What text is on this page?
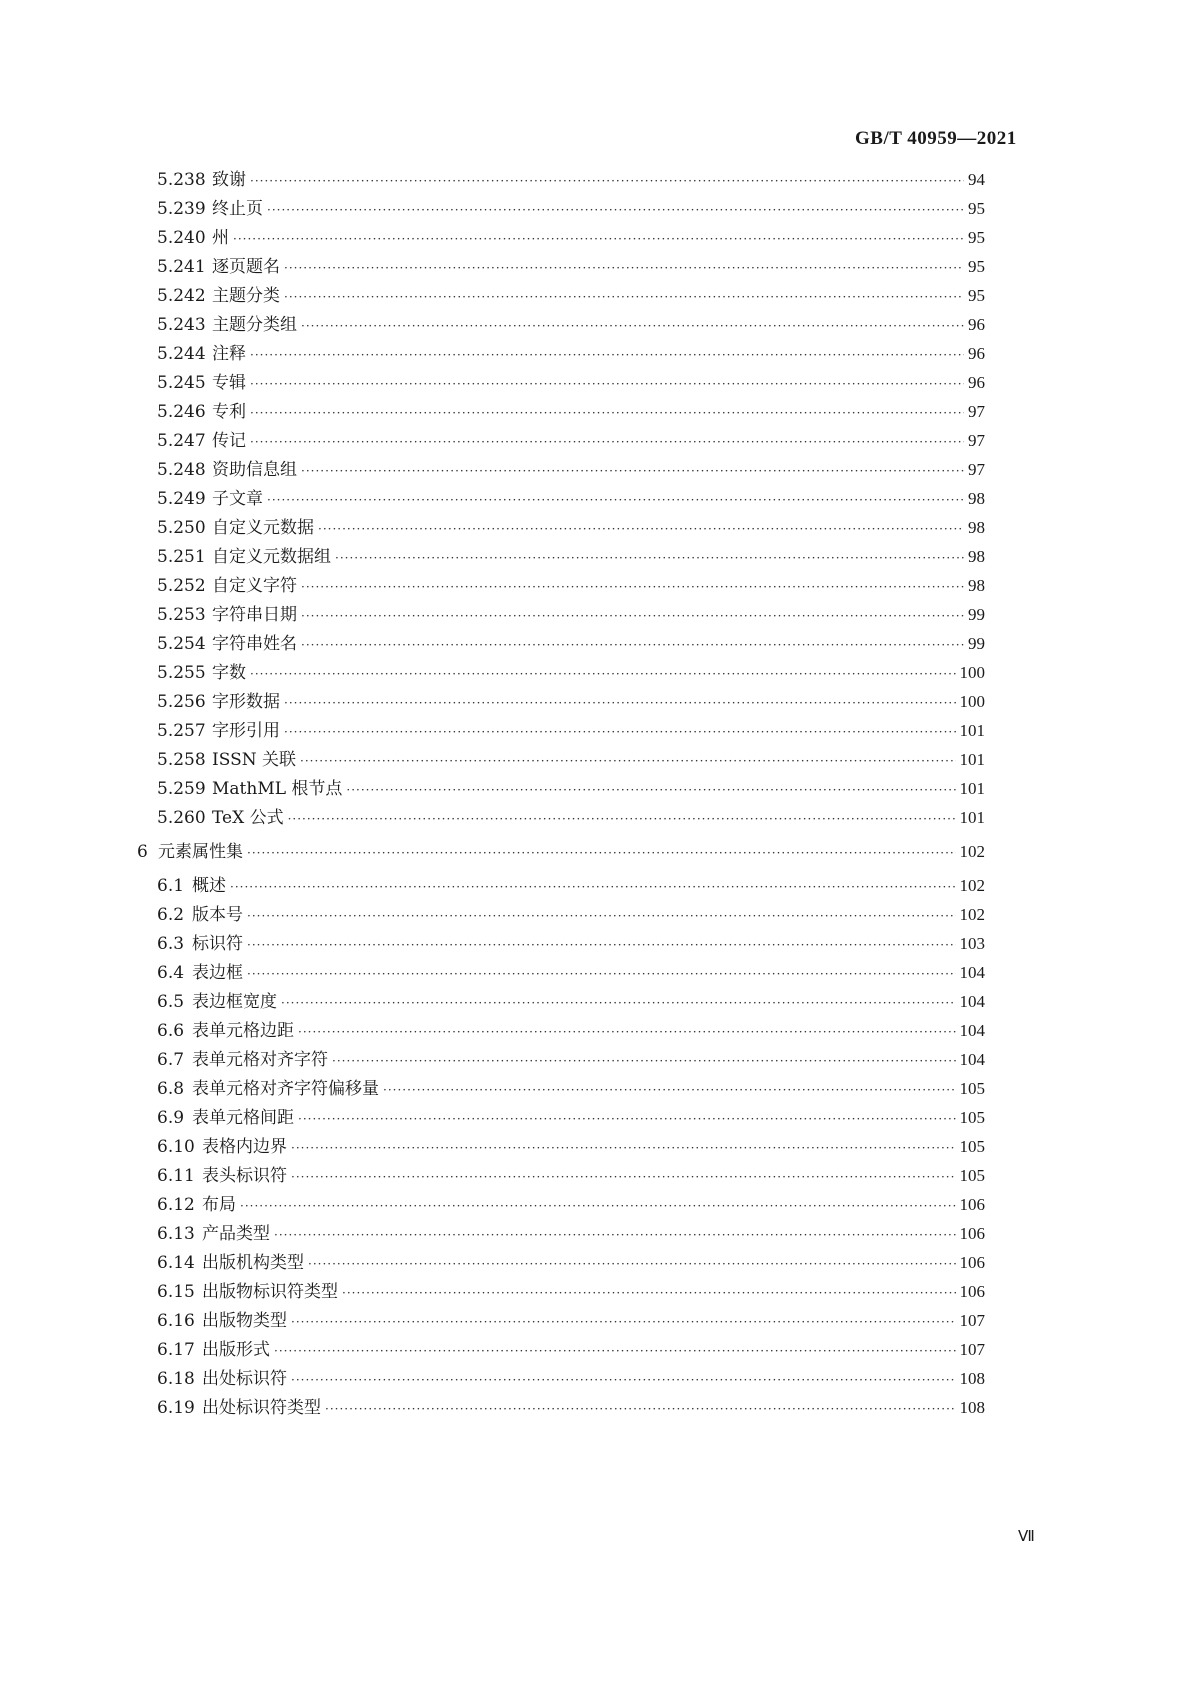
GB/T 40959—2021
5.238 致谢 ·····	94
5.239 终止页 ·····	95
5.240 州 ·····	95
5.241 逐页题名 ·····	95
5.242 主题分类 ·····	95
5.243 主题分类组 ·····	96
5.244 注释 ·····	96
5.245 专辑 ·····	96
5.246 专利 ·····	97
5.247 传记 ·····	97
5.248 资助信息组 ·····	97
5.249 子文章 ·····	98
5.250 自定义元数据 ·····	98
5.251 自定义元数据组 ·····	98
5.252 自定义字符 ·····	98
5.253 字符串日期 ·····	99
5.254 字符串姓名 ·····	99
5.255 字数 ·····	100
5.256 字形数据 ·····	100
5.257 字形引用 ·····	101
5.258 ISSN 关联 ·····	101
5.259 MathML 根节点 ·····	101
5.260 TeX 公式 ·····	101
6 元素属性集 ·····	102
6.1 概述 ·····	102
6.2 版本号 ·····	102
6.3 标识符 ·····	103
6.4 表边框 ·····	104
6.5 表边框宽度 ·····	104
6.6 表单元格边距 ·····	104
6.7 表单元格对齐字符 ·····	104
6.8 表单元格对齐字符偏移量 ·····	105
6.9 表单元格间距 ·····	105
6.10 表格内边界 ·····	105
6.11 表头标识符 ·····	105
6.12 布局 ·····	106
6.13 产品类型 ·····	106
6.14 出版机构类型 ·····	106
6.15 出版物标识符类型 ·····	106
6.16 出版物类型 ·····	107
6.17 出版形式 ·····	107
6.18 出处标识符 ·····	108
6.19 出处标识符类型 ·····	108
Ⅶ
